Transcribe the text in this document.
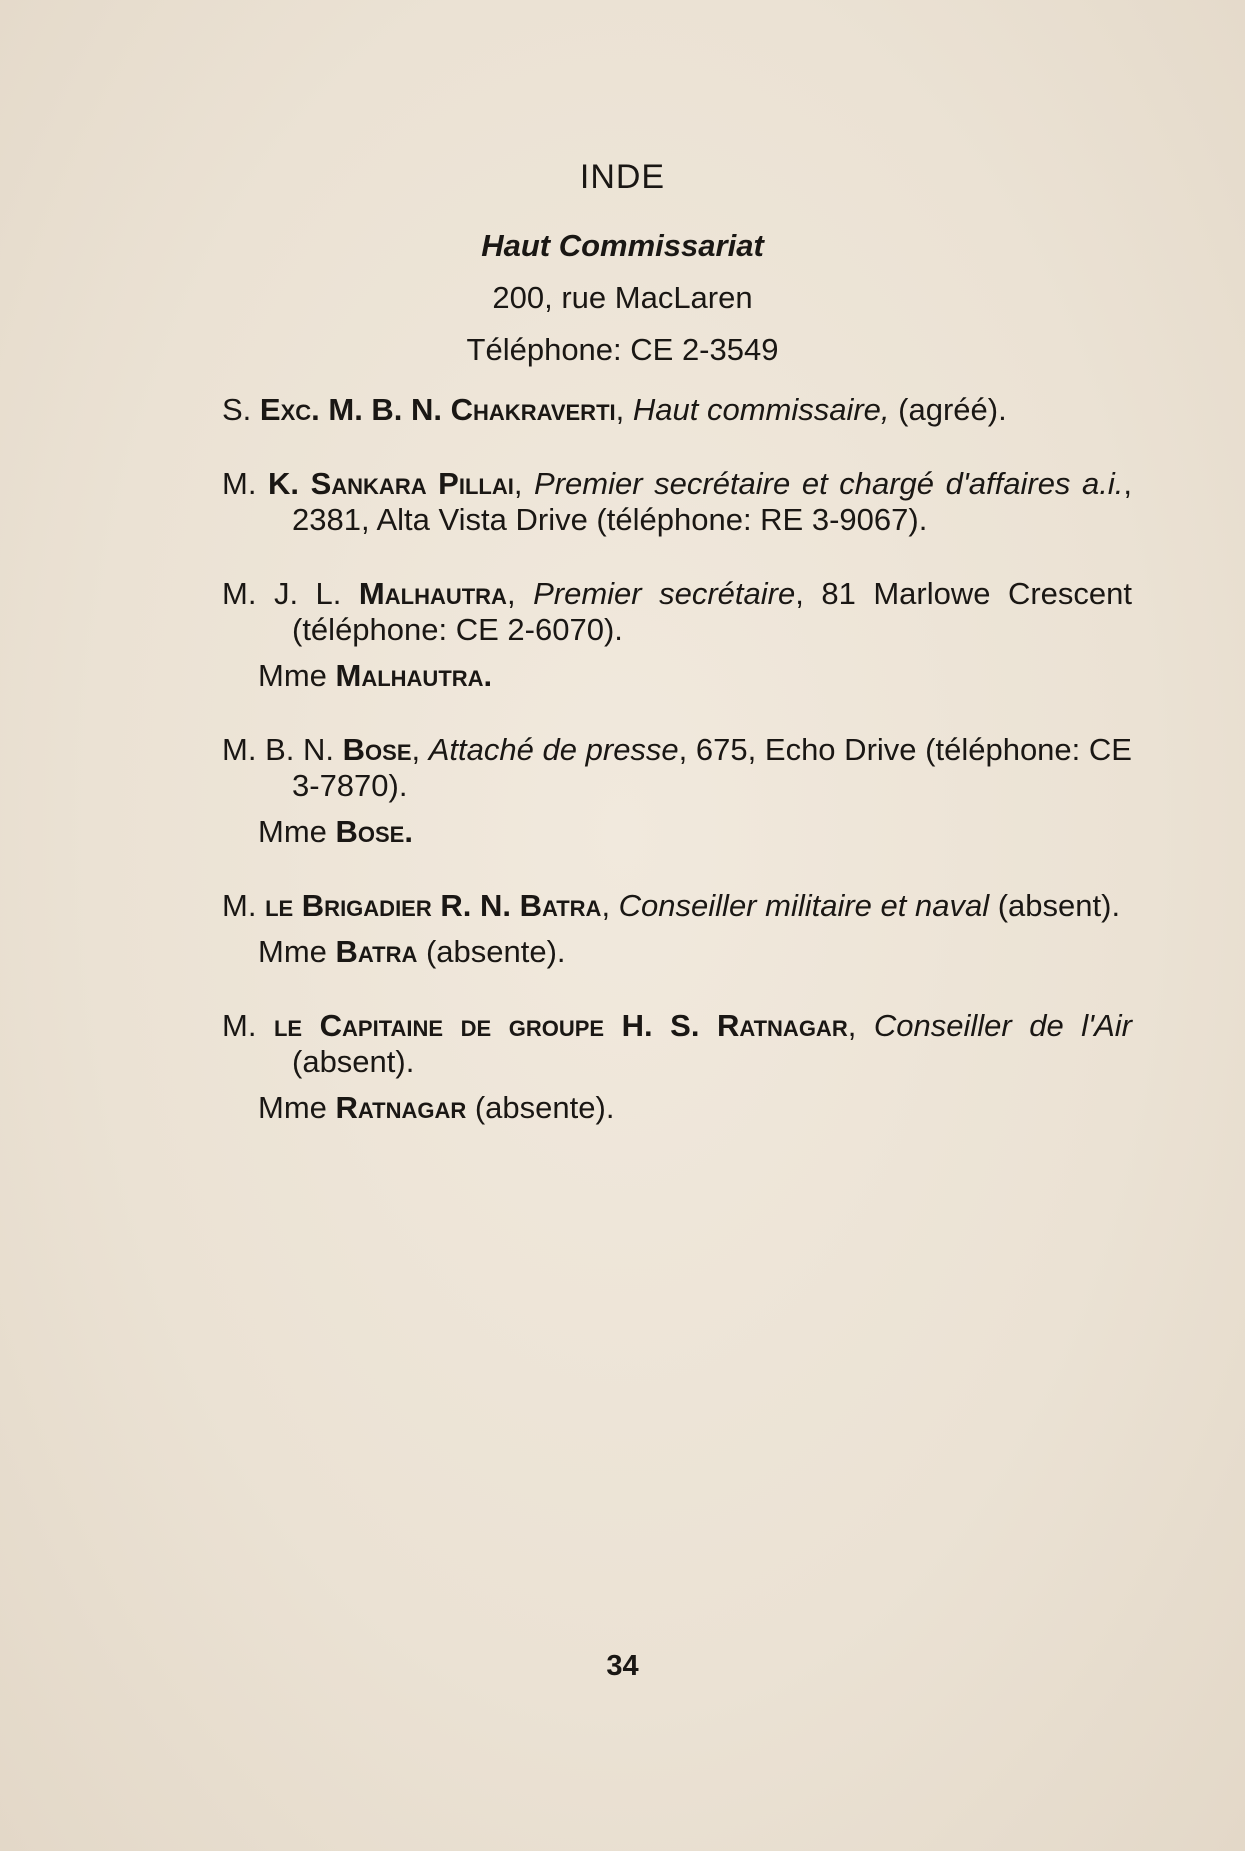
INDE
Haut Commissariat
200, rue MacLaren
Téléphone: CE 2-3549
S. Exc. M. B. N. Chakraverti, Haut commissaire, (agréé).
M. K. Sankara Pillai, Premier secrétaire et chargé d'affaires a.i., 2381, Alta Vista Drive (téléphone: RE 3-9067).
M. J. L. Malhautra, Premier secrétaire, 81 Marlowe Crescent (téléphone: CE 2-6070).
Mme Malhautra.
M. B. N. Bose, Attaché de presse, 675, Echo Drive (téléphone: CE 3-7870).
Mme Bose.
M. le Brigadier R. N. Batra, Conseiller militaire et naval (absent).
Mme Batra (absente).
M. le Capitaine de groupe H. S. Ratnagar, Conseiller de l'Air (absent).
Mme Ratnagar (absente).
34
